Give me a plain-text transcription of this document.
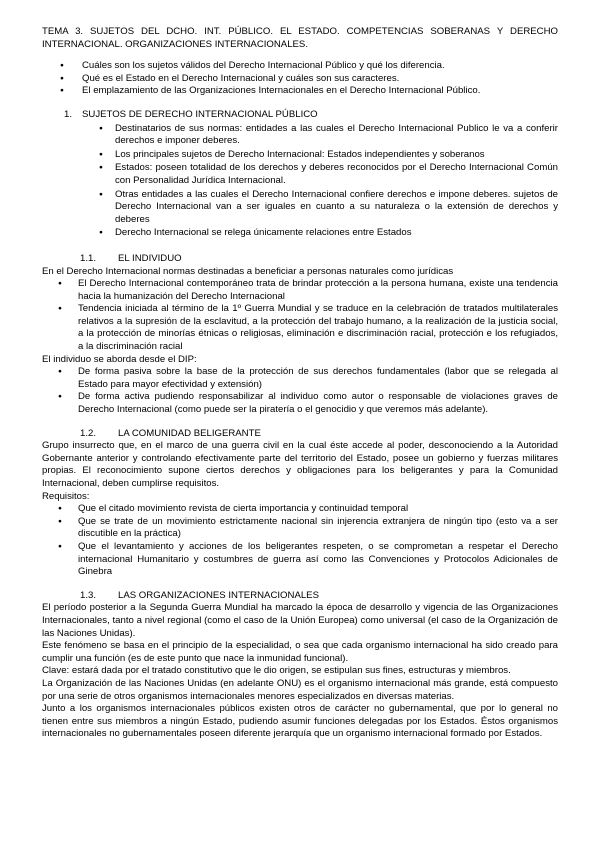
TEMA 3. SUJETOS DEL DCHO. INT. PÚBLICO. EL ESTADO. COMPETENCIAS SOBERANAS Y DERECHO INTERNACIONAL. ORGANIZACIONES INTERNACIONALES.

● Cuáles son los sujetos válidos del Derecho Internacional Público y qué los diferencia.
● Qué es el Estado en el Derecho Internacional y cuáles son sus caracteres.
● El emplazamiento de las Organizaciones Internacionales en el Derecho Internacional Público.

1. SUJETOS DE DERECHO INTERNACIONAL PÚBLICO

● Destinatarios de sus normas: entidades a las cuales el Derecho Internacional Publico le va a conferir derechos e imponer deberes.
● Los principales sujetos de Derecho Internacional: Estados independientes y soberanos
● Estados: poseen totalidad de los derechos y deberes reconocidos por el Derecho Internacional Común con Personalidad Jurídica Internacional.
● Otras entidades a las cuales el Derecho Internacional confiere derechos e impone deberes. sujetos de Derecho Internacional van a ser iguales en cuanto a su naturaleza o la extensión de derechos y deberes
● Derecho Internacional se relega únicamente relaciones entre Estados

1.1. EL INDIVIDUO

En el Derecho Internacional normas destinadas a beneficiar a personas naturales como jurídicas

● El Derecho Internacional contemporáneo trata de brindar protección a la persona humana, existe una tendencia hacia la humanización del Derecho Internacional
● Tendencia iniciada al término de la 1º Guerra Mundial y se traduce en la celebración de tratados multilaterales relativos a la supresión de la esclavitud, a la protección del trabajo humano, a la realización de la justicia social, a la protección de minorías étnicas o religiosas, eliminación e discriminación racial, protección e los refugiados, a la discriminación racial

El individuo se aborda desde el DIP:

● De forma pasiva sobre la base de la protección de sus derechos fundamentales (labor que se relegada al Estado para mayor efectividad y extensión)
● De forma activa pudiendo responsabilizar al individuo como autor o responsable de violaciones graves de Derecho Internacional (como puede ser la piratería o el genocidio y que veremos más adelante).

1.2. LA COMUNIDAD BELIGERANTE

Grupo insurrecto que, en el marco de una guerra civil en la cual éste accede al poder, desconociendo a la Autoridad Gobernante anterior y controlando efectivamente parte del territorio del Estado, posee un gobierno y fuerzas militares propias. El reconocimiento supone ciertos derechos y obligaciones para los beligerantes y para la Comunidad Internacional, deben cumplirse requisitos.

Requisitos:

● Que el citado movimiento revista de cierta importancia y continuidad temporal
● Que se trate de un movimiento estrictamente nacional sin injerencia extranjera de ningún tipo (esto va a ser discutible en la práctica)
● Que el levantamiento y acciones de los beligerantes respeten, o se comprometan a respetar el Derecho internacional Humanitario y costumbres de guerra así como las Convenciones y Protocolos Adicionales de Ginebra

1.3. LAS ORGANIZACIONES INTERNACIONALES

El período posterior a la Segunda Guerra Mundial ha marcado la época de desarrollo y vigencia de las Organizaciones Internacionales, tanto a nivel regional (como el caso de la Unión Europea) como universal (el caso de la Organización de las Naciones Unidas).

Este fenómeno se basa en el principio de la especialidad, o sea que cada organismo internacional ha sido creado para cumplir una función (es de este punto que nace la inmunidad funcional).

Clave: estará dada por el tratado constitutivo que le dio origen, se estipulan sus fines, estructuras y miembros.

La Organización de las Naciones Unidas (en adelante ONU) es el organismo internacional más grande, está compuesto por una serie de otros organismos internacionales menores especializados en diversas materias.

Junto a los organismos internacionales públicos existen otros de carácter no gubernamental, que por lo general no tienen entre sus miembros a ningún Estado, pudiendo asumir funciones delegadas por los Estados. Éstos organismos internacionales no gubernamentales poseen diferente jerarquía que un organismo internacional formado por Estados.
